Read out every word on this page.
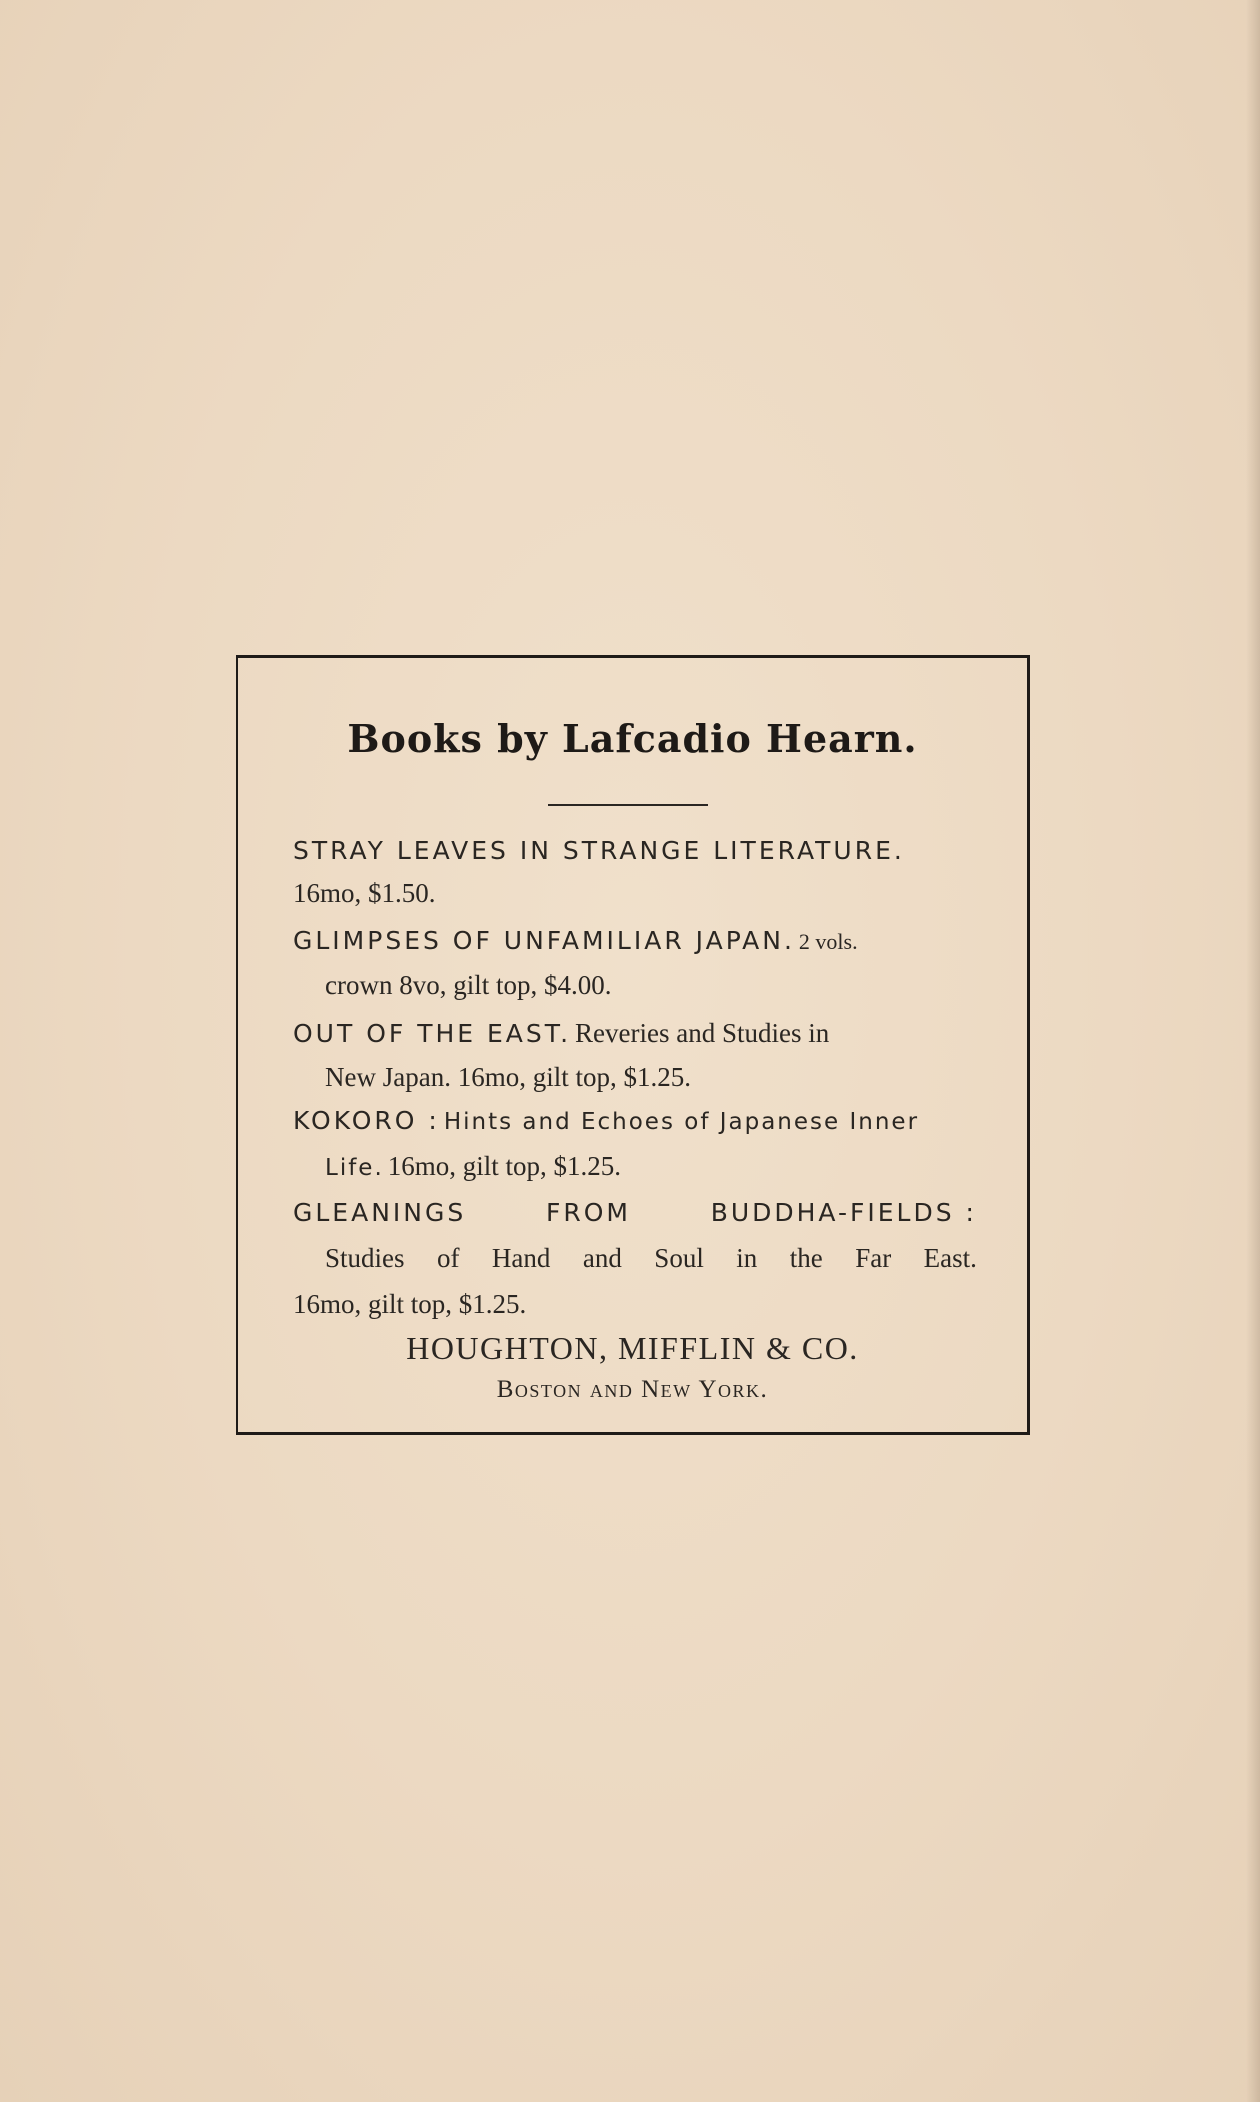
Books by Lafcadio Hearn.
STRAY LEAVES IN STRANGE LITERATURE.
16mo, $1.50.
GLIMPSES OF UNFAMILIAR JAPAN. 2 vols.
crown 8vo, gilt top, $4.00.
OUT OF THE EAST. Reveries and Studies in
New Japan. 16mo, gilt top, $1.25.
KOKORO : Hints and Echoes of Japanese Inner
Life. 16mo, gilt top, $1.25.
GLEANINGS	FROM	BUDDHA-FIELDS :
Studies of Hand and Soul in the Far East.
16mo, gilt top, $1.25.
HOUGHTON, MIFFLIN & CO.
Boston and New York.
